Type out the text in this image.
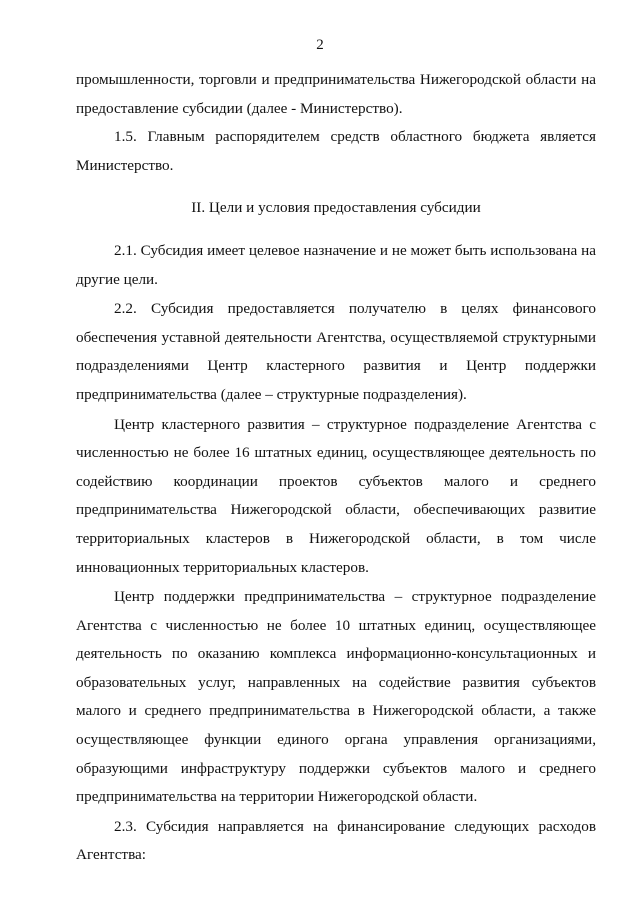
2

промышленности, торговли и предпринимательства Нижегородской области на предоставление субсидии (далее - Министерство).

1.5. Главным распорядителем средств областного бюджета является Министерство.

II. Цели и условия предоставления субсидии

2.1. Субсидия имеет целевое назначение и не может быть использована на другие цели.

2.2. Субсидия предоставляется получателю в целях финансового обеспечения уставной деятельности Агентства, осуществляемой структурными подразделениями Центр кластерного развития и Центр поддержки предпринимательства (далее – структурные подразделения).

Центр кластерного развития – структурное подразделение Агентства с численностью не более 16 штатных единиц, осуществляющее деятельность по содействию координации проектов субъектов малого и среднего предпринимательства Нижегородской области, обеспечивающих развитие территориальных кластеров в Нижегородской области, в том числе инновационных территориальных кластеров.

Центр поддержки предпринимательства – структурное подразделение Агентства с численностью не более 10 штатных единиц, осуществляющее деятельность по оказанию комплекса информационно-консультационных и образовательных услуг, направленных на содействие развития субъектов малого и среднего предпринимательства в Нижегородской области, а также осуществляющее функции единого органа управления организациями, образующими инфраструктуру поддержки субъектов малого и среднего предпринимательства на территории Нижегородской области.

2.3. Субсидия направляется на финансирование следующих расходов Агентства:
